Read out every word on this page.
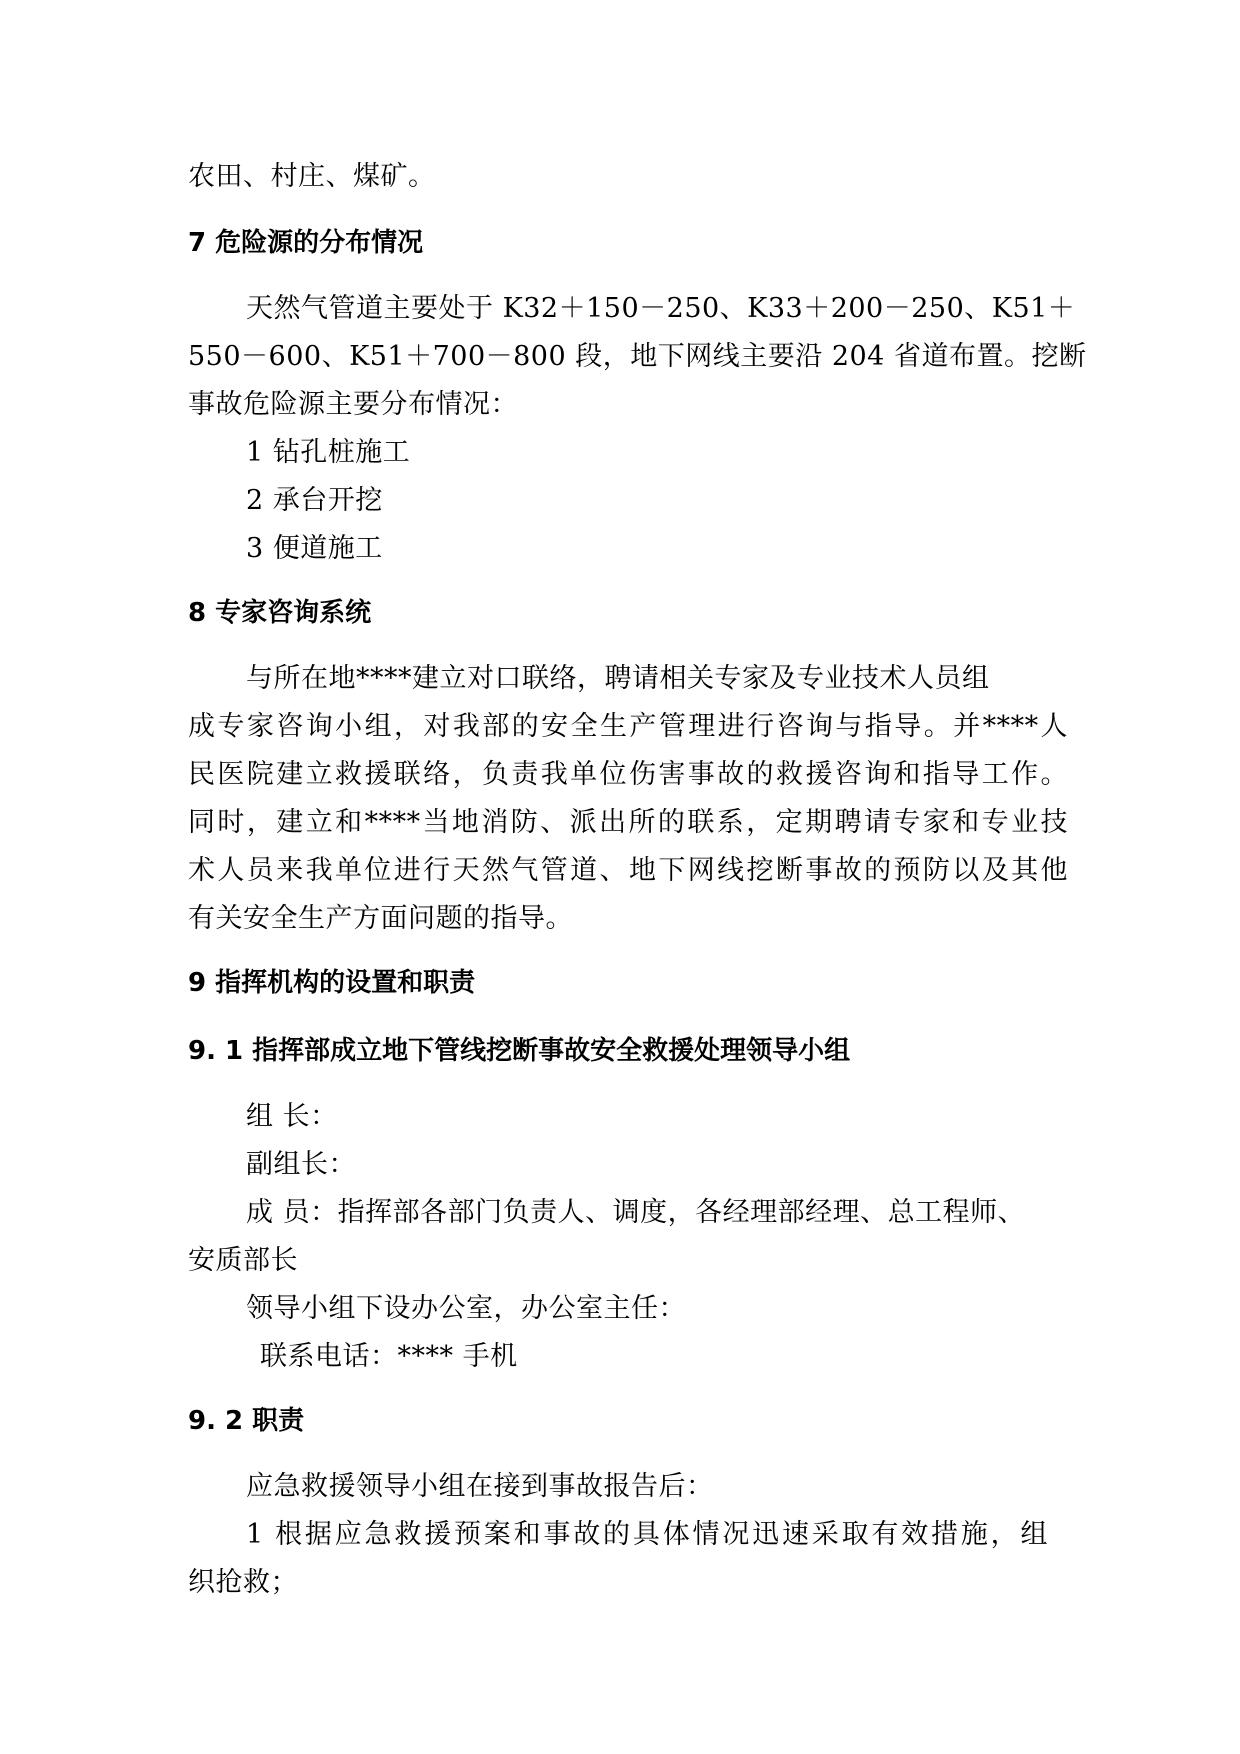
农田、村庄、煤矿。
7 危险源的分布情况
天然气管道主要处于 K32＋150－250、K33＋200－250、K51＋
550－600、K51＋700－800 段，地下网线主要沿 204 省道布置。挖断
事故危险源主要分布情况：
1 钻孔桩施工
2 承台开挖
3 便道施工
8 专家咨询系统
与所在地****建立对口联络，聘请相关专家及专业技术人员组
成专家咨询小组，对我部的安全生产管理进行咨询与指导。并****人
民医院建立救援联络，负责我单位伤害事故的救援咨询和指导工作。
同时，建立和****当地消防、派出所的联系，定期聘请专家和专业技
术人员来我单位进行天然气管道、地下网线挖断事故的预防以及其他
有关安全生产方面问题的指导。
9 指挥机构的设置和职责
9. 1 指挥部成立地下管线挖断事故安全救援处理领导小组
组 长：
副组长：
成 员：指挥部各部门负责人、调度，各经理部经理、总工程师、
安质部长
领导小组下设办公室，办公室主任：
联系电话：**** 手机
9. 2 职责
应急救援领导小组在接到事故报告后：
1 根据应急救援预案和事故的具体情况迅速采取有效措施，组
织抢救；
